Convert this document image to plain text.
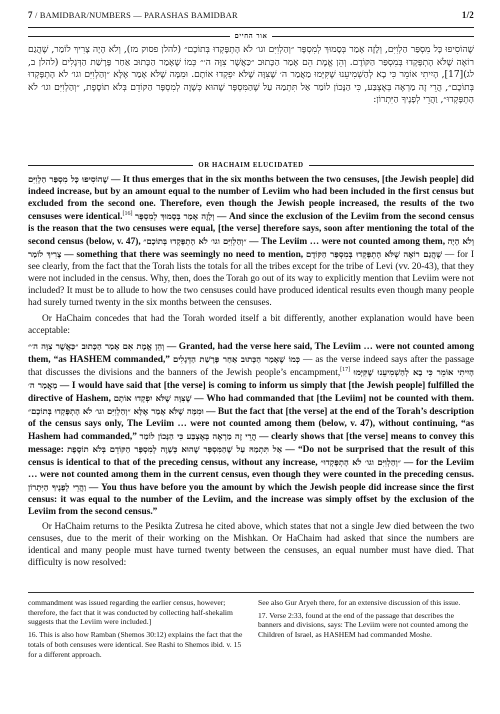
7 / BAMIDBAR/NUMBERS — PARASHAS BAMIDBAR	1/2
אור החיים
שֶׁהוֹסִיפוּ כָּל מִסְפַּר הַלְוִיִּם, וְלָזֶה אָמַר בְּסָמוּךְ לְמִסְפָּר ״וְהַלְוִיִּם וגו׳ לֹא הָתְפָּקְדוּ בְּתוֹכָם״ (להלן פסוק מז), וְלֹא הָיָה צָרִיךְ לוֹמַר, שֶׁהֲגַם רוֹאֶה שֶׁלֹּא הָתְפָּקְדוּ בְּמִסְפַּר הַקּוֹדֶם. וְהֵן אֱמֶת הֵם אָמַר הַכָּתוּב ״כַּאֲשֶׁר צִוָּה ה׳״ כְּמוֹ שֶׁאָמַר הַכָּתוּב אַחַר פָּרָשַׁת הַדְּגָלִים (להלן ב, לג)[17], הָיִיתִי אוֹמֵר כִּי בָא לְהַשְׁמִיעֵנוּ שֶׁקִּיְּמוּ מַאֲמַר ה׳ שֶׁצִּוָּה שֶׁלֹּא יִפְקְדוּ אוֹתָם. וּמִמָּה שֶׁלֹּא אָמַר אֶלָּא ״וְהַלְוִיִּם וגו׳ לֹא הָתְפָּקְדוּ בְּתוֹכָם״, הֲרֵי זֶה מַרְאֶה בְּאֶצְבַּע, כִּי הַנָּכוֹן לוֹמַר אַל תִּתְמַהּ עַל שֶׁהַמִּסְפָּר שֶׁהוּא כְּשָׁוֶה לְמִסְפָּר הַקּוֹדֵם בְּלֹא תוֹסֶפֶת, ״וְהַלְוִיִּם וגו׳ לֹא הָתְפָּקְדוּ״, וַהֲרֵי לְפָנֶיךָ הַיִּתְרוֹן:
OR HACHAIM ELUCIDATED

שֶׁהוֹסִיפוּ כָּל מִסְפַּר הַלְוִיִּם — It thus emerges that in the six months between the two censuses, [the Jewish people] did indeed increase, but by an amount equal to the number of Leviim who had been included in the first census but excluded from the second one. Therefore, even though the Jewish people increased, the results of the two censuses were identical.[16] וְלָזֶה אָמַר בְּסָמוּךְ לְמִסְפָּר — And since the exclusion of the Leviim from the second census is the reason that the two censuses were equal, [the verse] therefore says, soon after mentioning the total of the second census (below, v. 47), ״וְהַלְוִיִּם וגו׳ לֹא הָתְפָּקְדוּ בְּתוֹכָם״ — The Leviim … were not counted among them, וְלֹא הָיָה צָרִיךְ לוֹמַר — something that there was seemingly no need to mention, שֶׁהֲגַם רוֹאֶה שֶׁלֹּא הָתְפָּקְדוּ בְּמִסְפַּר הַקּוֹדֶם — for I see clearly, from the fact that the Torah lists the totals for all the tribes except for the tribe of Levi (vv. 20-43), that they were not included in the census. Why, then, does the Torah go out of its way to explicitly mention that Leviim were not included? It must be to allude to how the two censuses could have produced identical results even though many people had surely turned twenty in the six months between the censuses.

Or HaChaim concedes that had the Torah worded itself a bit differently, another explanation would have been acceptable:

וְהֵן אֱמֶת אִם אָמַר הַכָּתוּב ״כַּאֲשֶׁר צִוָּה ה׳״ — Granted, had the verse here said, The Leviim … were not counted among them, “as HASHEM commanded,” כְּמוֹ שֶׁאָמַר הַכָּתוּב אַחַר פָּרָשַׁת הַדְּגָלִים — as the verse indeed says after the passage that discusses the divisions and the banners of the Jewish people’s encampment,[17] הָיִיתִי אוֹמֵר כִּי בָא לְהַשְׁמִיעֵנוּ שֶׁקִּיְּמוּ מַאֲמַר ה׳ — I would have said that [the verse] is coming to inform us simply that [the Jewish people] fulfilled the directive of Hashem, שֶׁצִּוָּה שֶׁלֹּא יִפְקְדוּ אוֹתָם — Who had commanded that [the Leviim] not be counted with them. וּמִמָּה שֶׁלֹּא אָמַר אֶלָּא ״וְהַלְוִיִּם וגו׳ לֹא הָתְפָּקְדוּ בְּתוֹכָם״ — But the fact that [the verse] at the end of the Torah’s description of the census says only, The Leviim … were not counted among them (below, v. 47), without continuing, “as Hashem had commanded,” הֲרֵי זֶה מַרְאֶה בְּאֶצְבַּע כִּי הַנָּכוֹן לוֹמַר — clearly shows that [the verse] means to convey this message: אַל תִּתְמַהּ עַל שֶׁהַמִּסְפָּר שֶׁהוּא כְּשָׁוֶה לְמִסְפָּר הַקּוֹדֵם בְּלֹא תוֹסֶפֶת — “Do not be surprised that the result of this census is identical to that of the preceding census, without any increase, ״וְהַלְוִיִּם וגו׳ לֹא הָתְפָּקְדוּ״ — for the Leviim … were not counted among them in the current census, even though they were counted in the preceding census. וַהֲרֵי לְפָנֶיךָ הַיִּתְרוֹן — You thus have before you the amount by which the Jewish people did increase since the first census: it was equal to the number of the Leviim, and the increase was simply offset by the exclusion of the Leviim from the second census.”

Or HaChaim returns to the Pesikta Zutresa he cited above, which states that not a single Jew died between the two censuses, due to the merit of their working on the Mishkan. Or HaChaim had asked that since the numbers are identical and many people must have turned twenty between the censuses, an equal number must have died. That difficulty is now resolved:

commandment was issued regarding the earlier census, however; therefore, the fact that it was conducted by collecting half-shekalim suggests that the Leviim were included.]

16. This is also how Ramban (Shemos 30:12) explains the fact that the totals of both censuses were identical. See Rashi to Shemos ibid. v. 15 for a different approach.

See also Gur Aryeh there, for an extensive discussion of this issue.

17. Verse 2:33, found at the end of the passage that describes the banners and divisions, says: The Leviim were not counted among the Children of Israel, as HASHEM had commanded Moshe.
